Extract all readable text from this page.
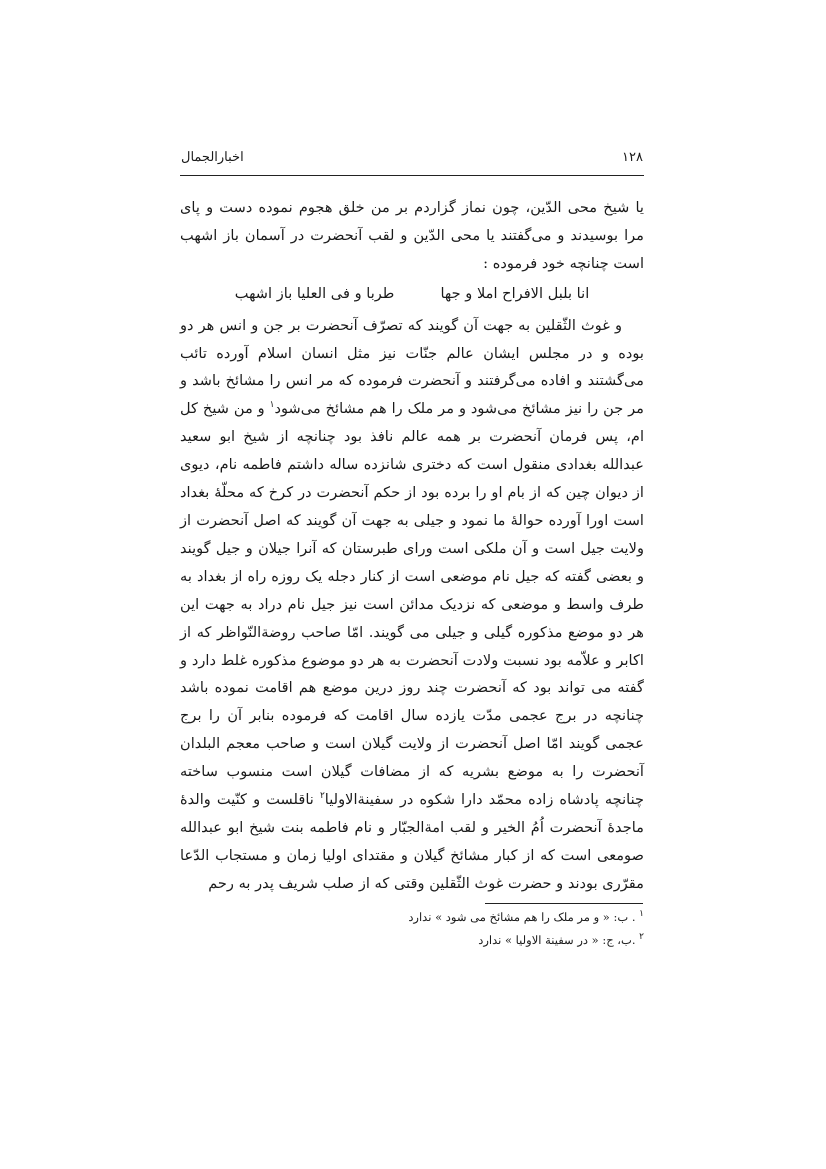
۱۲۸
اخبارالجمال

یا شیخ محی الدّین، چون نماز گزاردم بر من خلق هجوم نموده دست و پای مرا بوسیدند و می‌گفتند یا محی الدّین و لقب آنحضرت در آسمان باز اشهب است چنانچه خود فرموده :

انا بلبل الافراح املا و جها
طربا و فی العلیا باز اشهب

و غوث الثّقلین به جهت آن گویند که تصرّف آنحضرت بر جن و انس هر دو بوده و در مجلس ایشان عالم جنّات نیز مثل انسان اسلام آورده تائب می‌گشتند و افاده می‌گرفتند و آنحضرت فرموده که مر انس را مشائخ باشد و مر جن را نیز مشائخ می‌شود و مر ملک را هم مشائخ می‌شود$^۱$ و من شیخ کل ام، پس فرمان آنحضرت بر همه عالم نافذ بود چنانچه از شیخ ابو سعید عبدالله بغدادی منقول است که دختری شانزده ساله داشتم فاطمه نام، دیوی از دیوان چین که از بام او را برده بود از حکم آنحضرت در کرخ که محلّهٔ بغداد است اورا آورده حوالهٔ ما نمود و جیلی به جهت آن گویند که اصل آنحضرت از ولایت جیل است و آن ملکی است ورای طبرستان که آنرا جیلان و جیل گویند و بعضی گفته که جیل نام موضعی است از کنار دجله یک روزه راه از بغداد به طرف واسط و موضعی که نزدیک مدائن است نیز جیل نام دراد به جهت این هر دو موضع مذکوره گیلی و جیلی می گویند. امّا صاحب روضةالنّواظر که از اکابر و علاّمه بود نسبت ولادت آنحضرت به هر دو موضوع مذکوره غلط دارد و گفته می تواند بود که آنحضرت چند روز درین موضع هم اقامت نموده باشد چنانچه در برج عجمی مدّت یازده سال اقامت که فرموده بنابر آن را برج عجمی گویند امّا اصل آنحضرت از ولایت گیلان است و صاحب معجم البلدان آنحضرت را به موضع بشریه که از مضافات گیلان است منسوب ساخته چنانچه پادشاه زاده محمّد دارا شکوه در سفینةالاولیا$^۲$ ناقلست و کنّیت والدهٔ ماجدهٔ آنحضرت اُمُ الخیر و لقب امةالجبّار و نام فاطمه بنت شیخ ابو عبدالله صومعی است که از کبار مشائخ گیلان و مقتدای اولیا زمان و مستجاب الدّعا مقرّری بودند و حضرت غوث الثّقلین وقتی که از صلب شریف پدر به رحم

$^۱$ . ب: « و مر ملک را هم مشائخ می شود » ندارد
$^۲$ .ب، ج: « در سفینة الاولیا » ندارد
